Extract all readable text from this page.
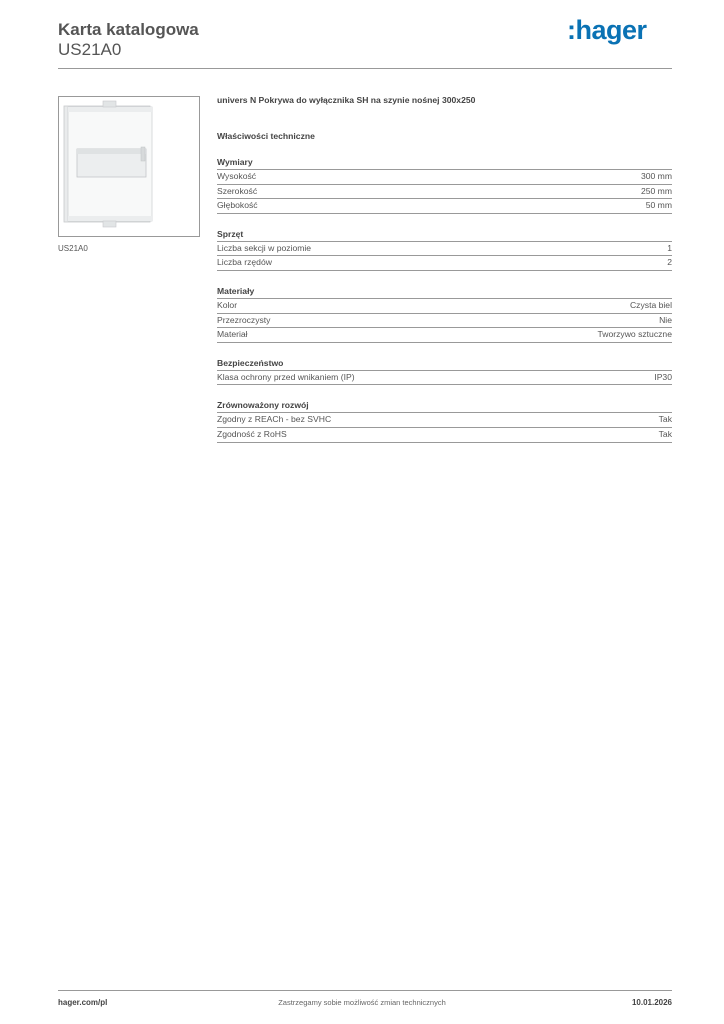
Karta katalogowa
US21A0
:hager
US21A0
univers N Pokrywa do wyłącznika SH na szynie nośnej 300x250
Właściwości techniczne
Wymiary
Wysokość	300 mm
Szerokość	250 mm
Głębokość	50 mm
Sprzęt
Liczba sekcji w poziomie	1
Liczba rzędów	2
Materiały
Kolor	Czysta biel
Przezroczysty	Nie
Materiał	Tworzywo sztuczne
Bezpieczeństwo
Klasa ochrony przed wnikaniem (IP)	IP30
Zrównoważony rozwój
Zgodny z REACh - bez SVHC	Tak
Zgodność z RoHS	Tak
hager.com/pl	Zastrzegamy sobie możliwość zmian technicznych	10.01.2026
